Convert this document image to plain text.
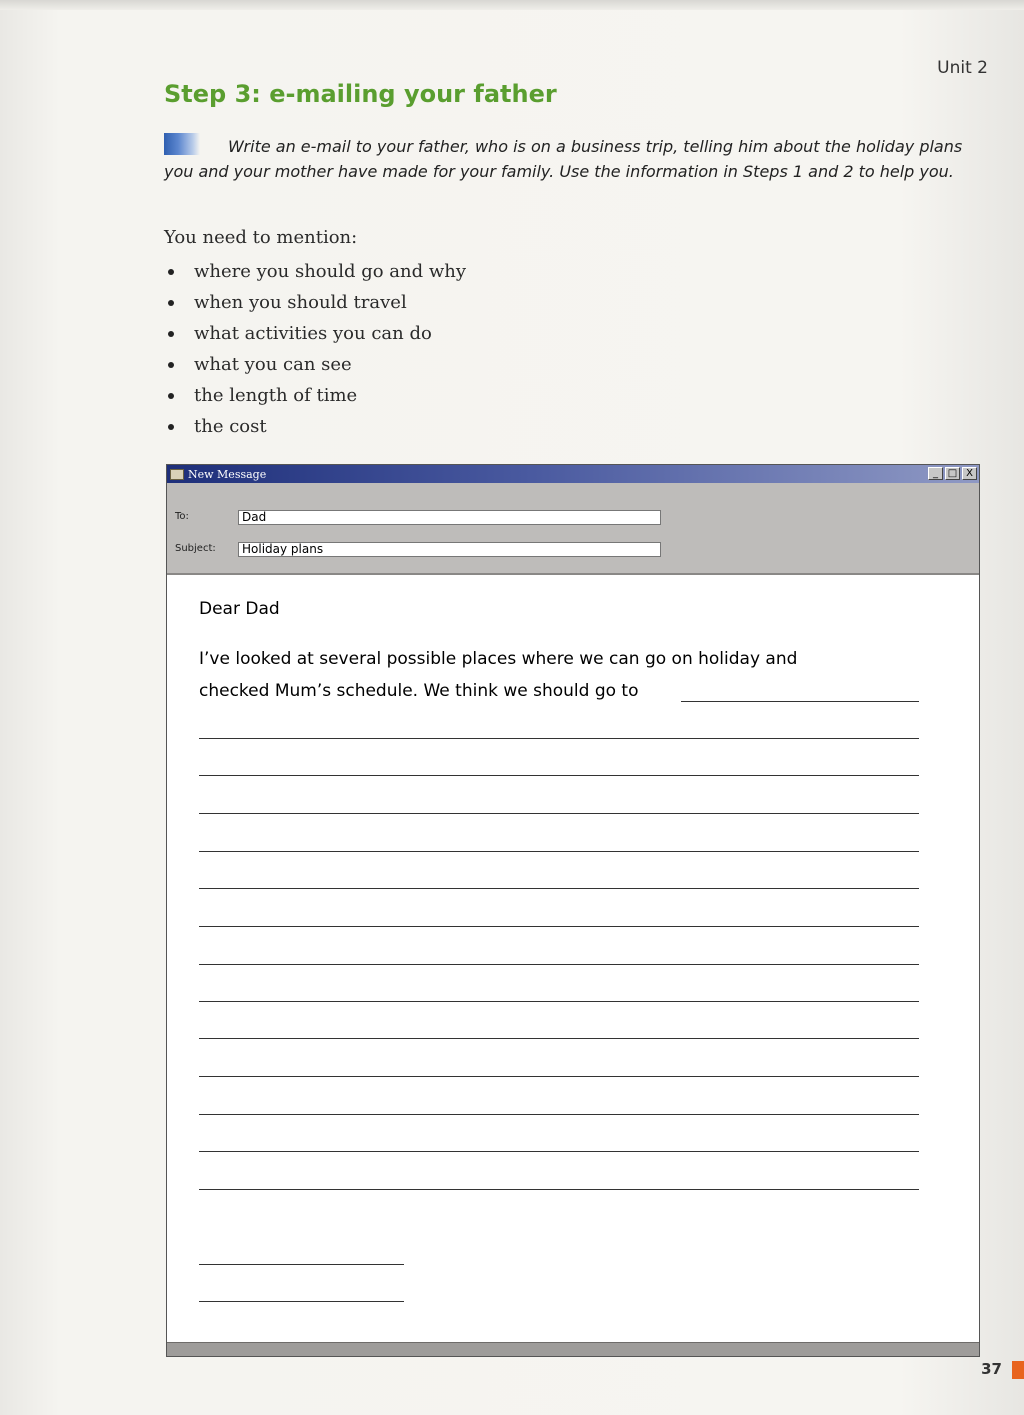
Unit 2
Step 3: e-mailing your father
Write an e-mail to your father, who is on a business trip, telling him about the holiday plans you and your mother have made for your family. Use the information in Steps 1 and 2 to help you.
You need to mention:
where you should go and why
when you should travel
what activities you can do
what you can see
the length of time
the cost
New Message	_ □ X
To:	Dad
Subject:	Holiday plans
Dear Dad
I’ve looked at several possible places where we can go on holiday and
checked Mum’s schedule. We think we should go to
37
